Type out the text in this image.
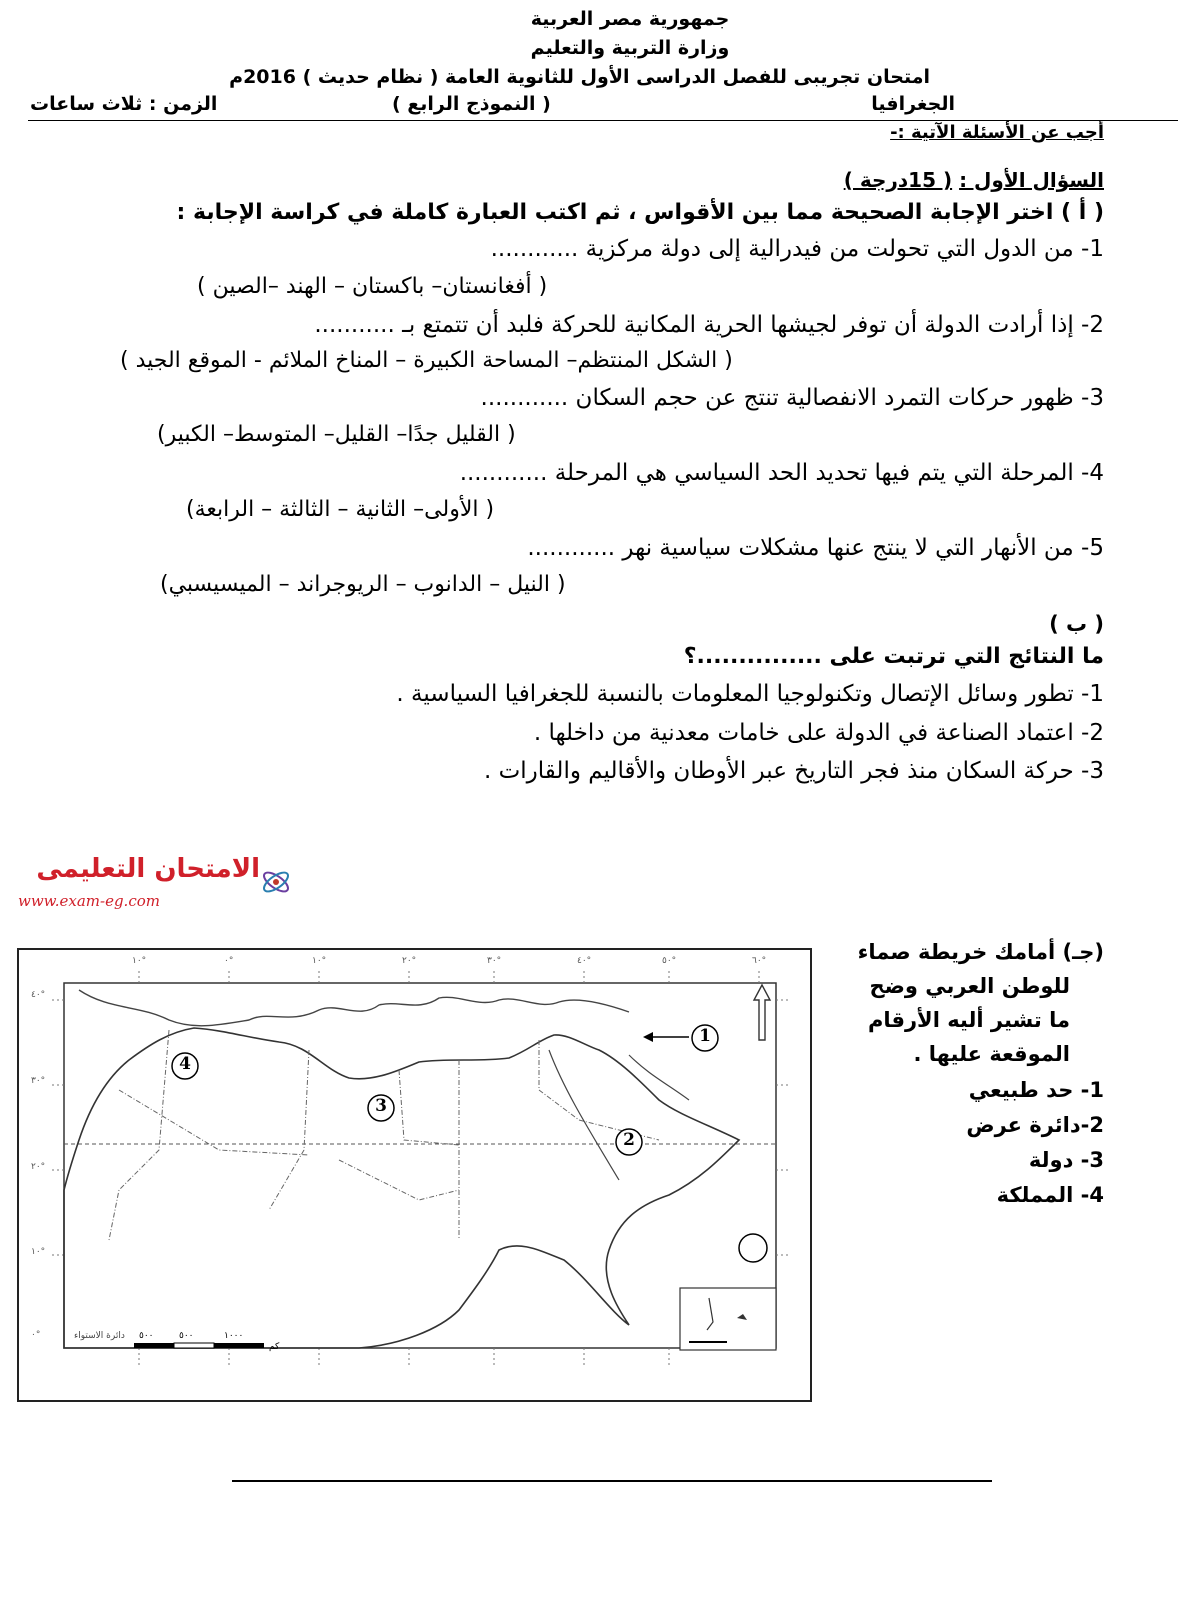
جمهورية مصر العربية
وزارة التربية والتعليم
امتحان تجريبى للفصل الدراسى الأول للثانوية العامة ( نظام حديث ) 2016م
الجغرافيا
( النموذج الرابع )
الزمن : ثلاث ساعات
أجب عن الأسئلة الآتية :-
السؤال الأول : ( 15درجة )
( أ ) اختر الإجابة الصحيحة مما بين الأقواس ، ثم اكتب العبارة كاملة في كراسة الإجابة :
1- من الدول التي تحولت من فيدرالية إلى دولة مركزية ............
( أفغانستان– باكستان – الهند –الصين )
2- إذا أرادت الدولة أن توفر لجيشها الحرية المكانية للحركة فلبد أن تتمتع بـ ...........
( الشكل المنتظم– المساحة الكبيرة – المناخ الملائم - الموقع الجيد )
3- ظهور حركات التمرد الانفصالية تنتج عن حجم السكان ............
( القليل جدًا– القليل– المتوسط– الكبير)
4- المرحلة التي يتم فيها تحديد الحد السياسي هي المرحلة ............
( الأولى– الثانية – الثالثة – الرابعة)
5- من الأنهار التي لا ينتج عنها مشكلات سياسية نهر ............
( النيل – الدانوب – الريوجراند – الميسيسبي)
( ب )
ما النتائج التي ترتبت على ...............؟
1- تطور وسائل الإتصال وتكنولوجيا المعلومات بالنسبة للجغرافيا السياسية .
2- اعتماد الصناعة في الدولة على خامات معدنية من داخلها .
3- حركة السكان منذ فجر التاريخ عبر الأوطان والأقاليم والقارات .
الامتحان التعليمى
www.exam-eg.com
(جـ) أمامك خريطة صماء
للوطن العربي وضح
ما تشير أليه الأرقام
الموقعة عليها .
1- حد طبيعي
2-دائرة عرض
3- دولة
4- المملكة
1
2
3
4
٤٠°
٣٠°
٢٠°
١٠°
٠°
١٠°	٠°	١٠°	٢٠°	٣٠°	٤٠°	٥٠°	٦٠°
٥٠٠	٥٠٠	١٠٠٠
كم
دائرة الاستواء
